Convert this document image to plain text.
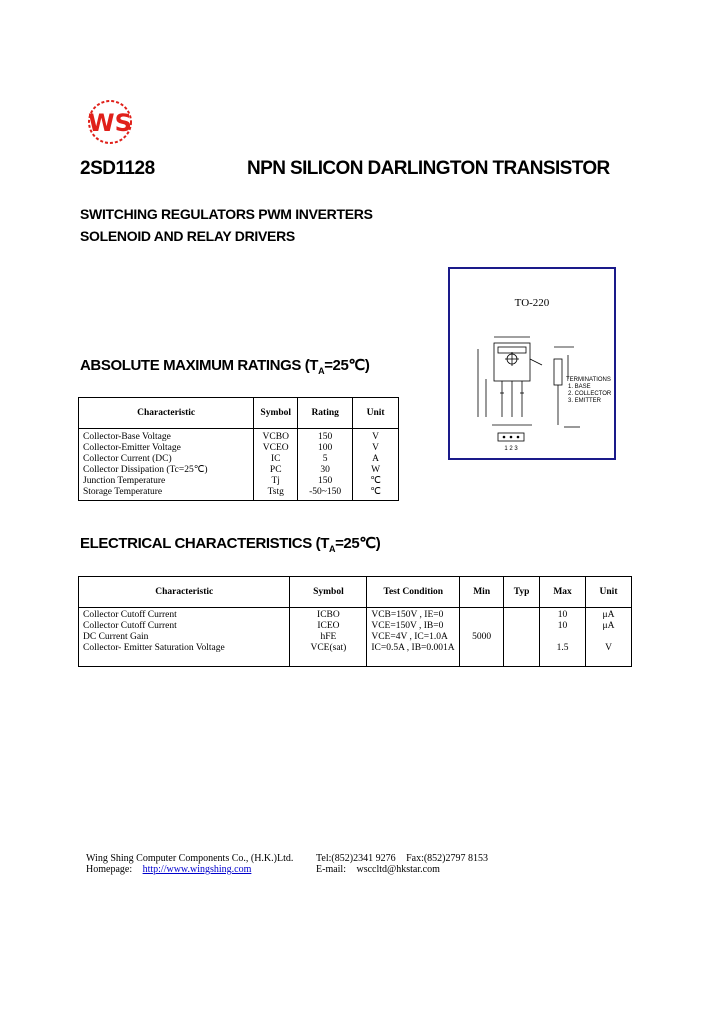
WS
2SD1128	NPN SILICON DARLINGTON TRANSISTOR
SWITCHING REGULATORS PWM INVERTERS
SOLENOID AND RELAY DRIVERS
TO-220
TERMINATIONS
1. BASE
2. COLLECTOR
3. EMITTER
1 2 3
ABSOLUTE MAXIMUM RATINGS $(T_A=25℃)$
Characteristic	Symbol	Rating	Unit
Collector-Base Voltage	VCBO	150	V
Collector-Emitter Voltage	VCEO	100	V
Collector Current (DC)	IC	5	A
Collector Dissipation (Tc=25℃)	PC	30	W
Junction Temperature	Tj	150	℃
Storage Temperature	Tstg	-50~150	℃
ELECTRICAL CHARACTERISTICS $(T_A=25℃)$
Characteristic	Symbol	Test Condition	Min	Typ	Max	Unit
Collector Cutoff Current	ICBO	VCB=150V , IE=0			10	μA
Collector Cutoff Current	ICEO	VCE=150V , IB=0			10	μA
DC Current Gain	hFE	VCE=4V , IC=1.0A	5000			
Collector- Emitter Saturation Voltage	VCE(sat)	IC=0.5A , IB=0.001A			1.5	V
Wing Shing Computer Components Co., (H.K.)Ltd.
Homepage: http://www.wingshing.com
Tel:(852)2341 9276 Fax:(852)2797 8153
E-mail: wsccltd@hkstar.com
